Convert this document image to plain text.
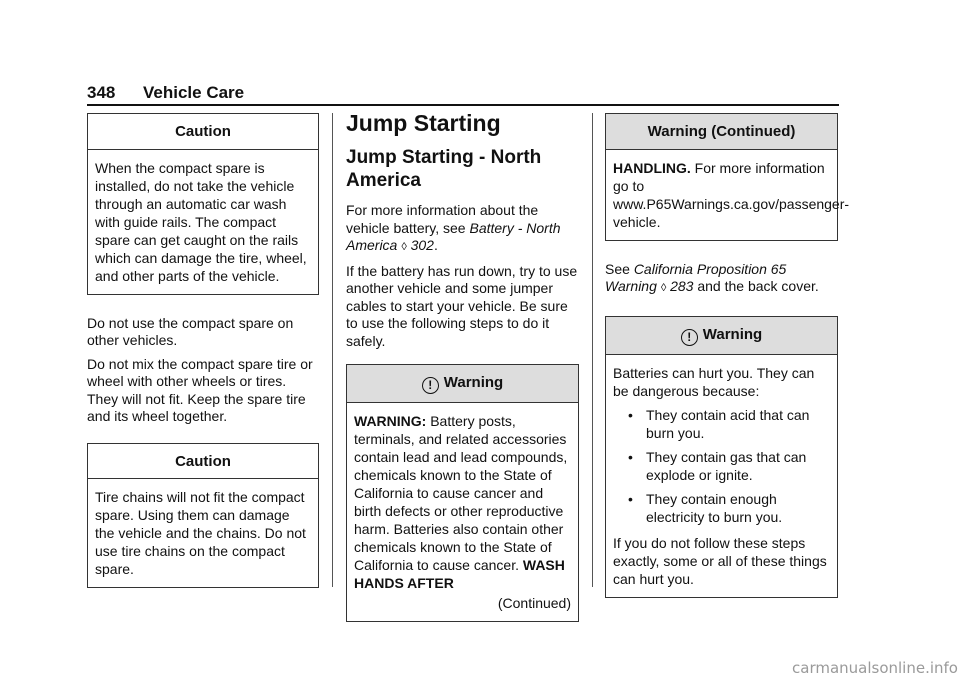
348 Vehicle Care
Caution
When the compact spare is installed, do not take the vehicle through an automatic car wash with guide rails. The compact spare can get caught on the rails which can damage the tire, wheel, and other parts of the vehicle.

Do not use the compact spare on other vehicles.

Do not mix the compact spare tire or wheel with other wheels or tires. They will not fit. Keep the spare tire and its wheel together.

Caution
Tire chains will not fit the compact spare. Using them can damage the vehicle and the chains. Do not use tire chains on the compact spare.
Jump Starting
Jump Starting - North America

For more information about the vehicle battery, see Battery - North America ◊ 302.

If the battery has run down, try to use another vehicle and some jumper cables to start your vehicle. Be sure to use the following steps to do it safely.

! Warning
WARNING: Battery posts, terminals, and related accessories contain lead and lead compounds, chemicals known to the State of California to cause cancer and birth defects or other reproductive harm. Batteries also contain other chemicals known to the State of California to cause cancer. WASH HANDS AFTER
(Continued)
Warning (Continued)
HANDLING. For more information go to www.P65Warnings.ca.gov/passenger-vehicle.

See California Proposition 65 Warning ◊ 283 and the back cover.

! Warning

Batteries can hurt you. They can be dangerous because:

• They contain acid that can burn you.
• They contain gas that can explode or ignite.
• They contain enough electricity to burn you.

If you do not follow these steps exactly, some or all of these things can hurt you.

carmanualsonline.info
